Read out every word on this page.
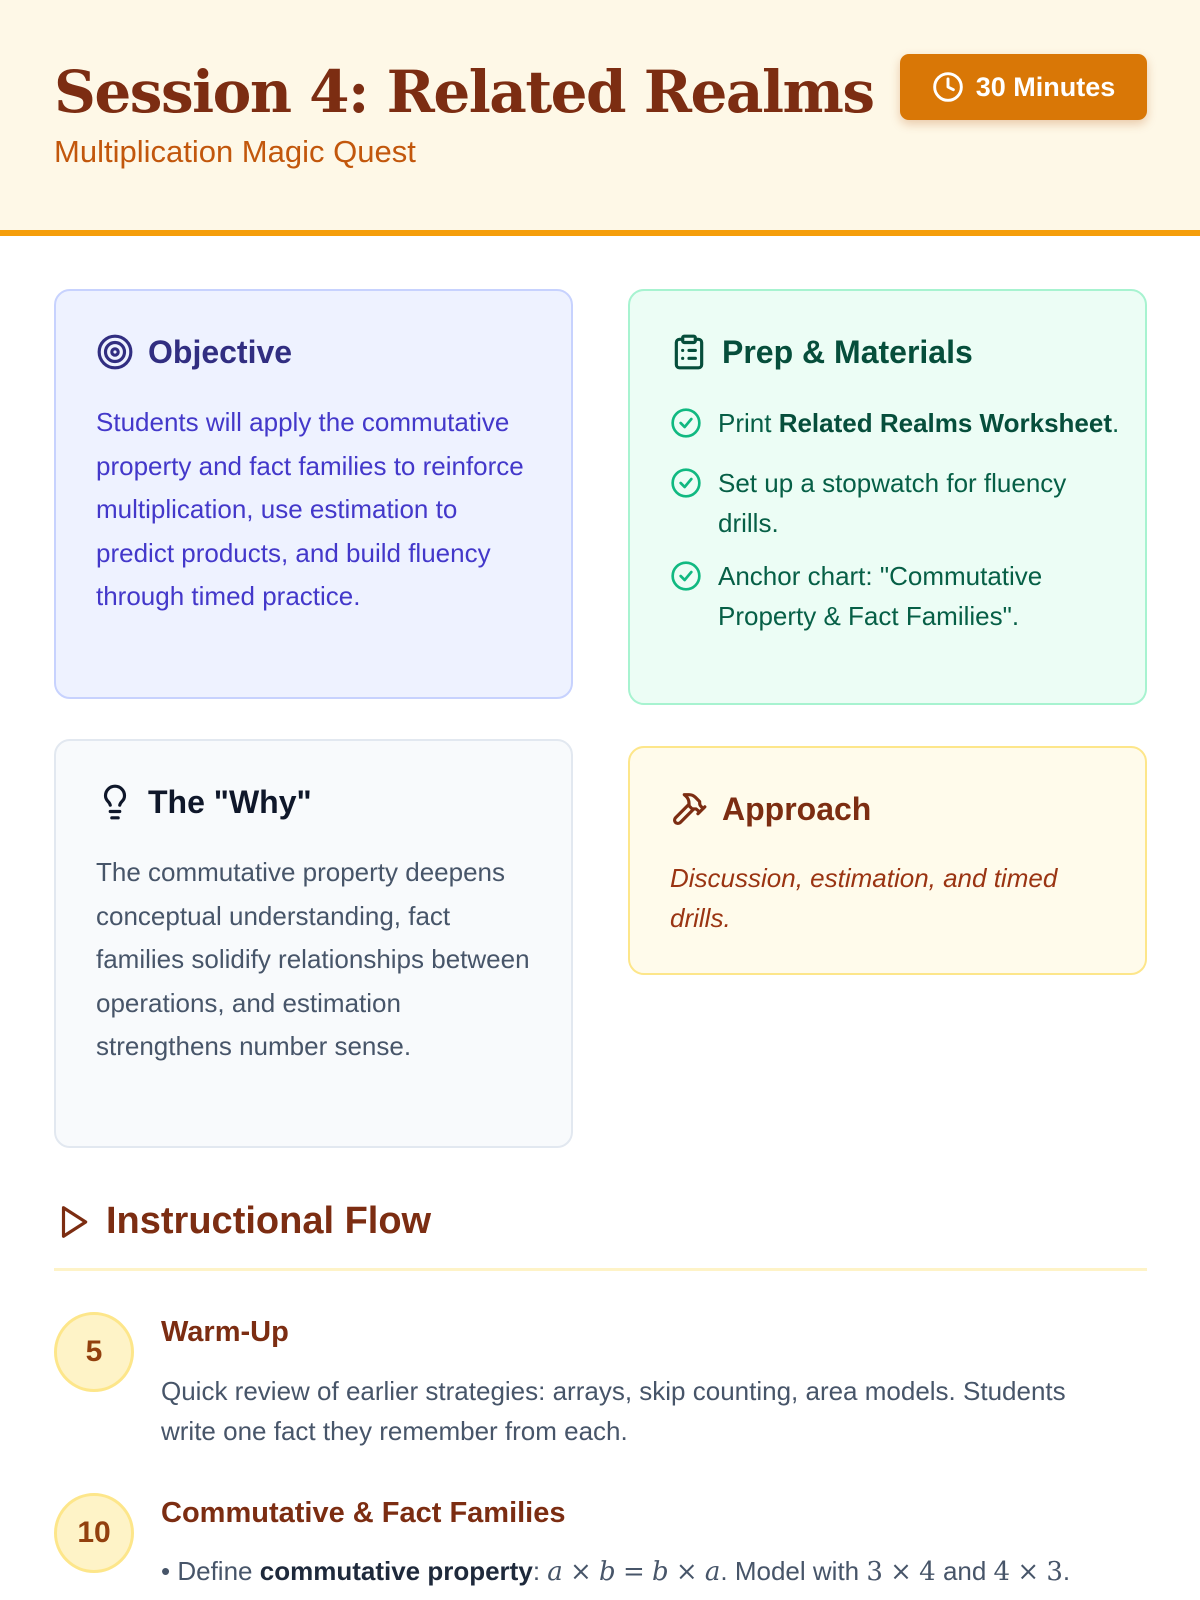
Session 4: Related Realms
Multiplication Magic Quest
30 Minutes
Objective

Students will apply the commutative property and fact families to reinforce multiplication, use estimation to predict products, and build fluency through timed practice.

Prep & Materials
Print Related Realms Worksheet.
Set up a stopwatch for fluency drills.
Anchor chart: "Commutative Property & Fact Families".
The "Why"

The commutative property deepens conceptual understanding, fact families solidify relationships between operations, and estimation strengthens number sense.

Approach

Discussion, estimation, and timed drills.

Instructional Flow
5
Warm-Up

Quick review of earlier strategies: arrays, skip counting, area models. Students write one fact they remember from each.

10
Commutative & Fact Families

• Define commutative property: a × b = b × a. Model with 3 × 4 and 4 × 3.
